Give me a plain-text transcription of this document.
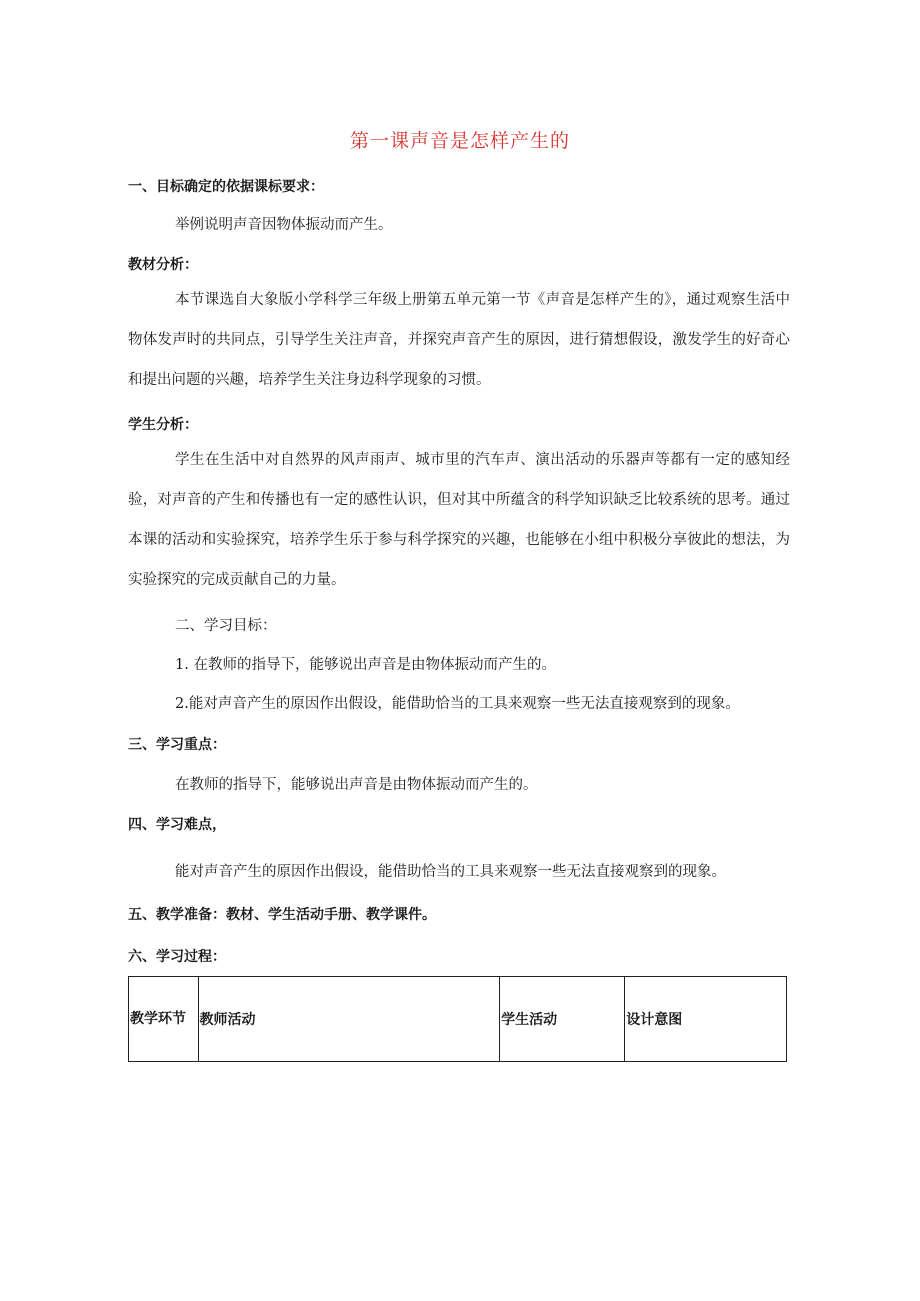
第一课声音是怎样产生的
一、目标确定的依据课标要求：
举例说明声音因物体振动而产生。
教材分析：
本节课选自大象版小学科学三年级上册第五单元第一节《声音是怎样产生的》，通过观察生活中物体发声时的共同点，引导学生关注声音，并探究声音产生的原因，进行猜想假设，激发学生的好奇心和提出问题的兴趣，培养学生关注身边科学现象的习惯。
学生分析：
学生在生活中对自然界的风声雨声、城市里的汽车声、演出活动的乐器声等都有一定的感知经验，对声音的产生和传播也有一定的感性认识，但对其中所蕴含的科学知识缺乏比较系统的思考。通过本课的活动和实验探究，培养学生乐于参与科学探究的兴趣，也能够在小组中积极分享彼此的想法，为实验探究的完成贡献自己的力量。
二、学习目标：
1. 在教师的指导下，能够说出声音是由物体振动而产生的。
2.能对声音产生的原因作出假设，能借助恰当的工具来观察一些无法直接观察到的现象。
三、学习重点：
在教师的指导下，能够说出声音是由物体振动而产生的。
四、学习难点，
能对声音产生的原因作出假设，能借助恰当的工具来观察一些无法直接观察到的现象。
五、教学准备：教材、学生活动手册、教学课件。
六、学习过程：
教学环节	教师活动	学生活动	设计意图
